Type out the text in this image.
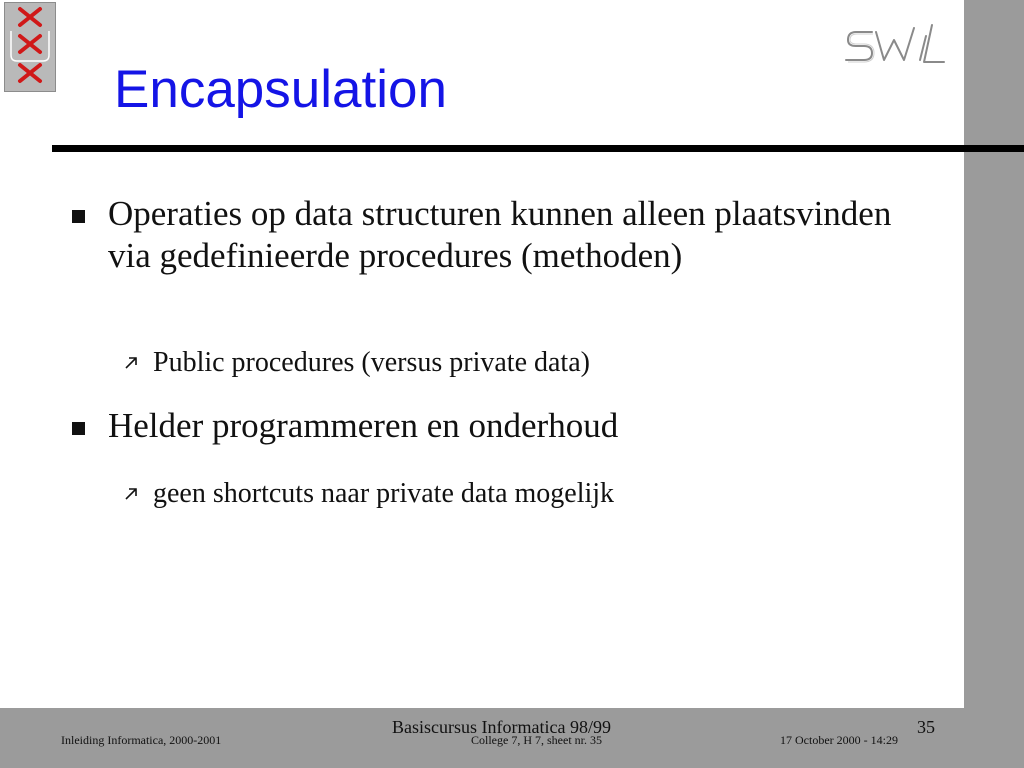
Encapsulation
Operaties op data structuren kunnen alleen plaatsvinden via gedefinieerde procedures (methoden)
Public procedures (versus private data)
Helder programmeren en onderhoud
geen shortcuts naar private data mogelijk
Basiscursus Informatica 98/99	35
Inleiding Informatica, 2000-2001	College 7, H 7, sheet nr. 35	17 October 2000 - 14:29
